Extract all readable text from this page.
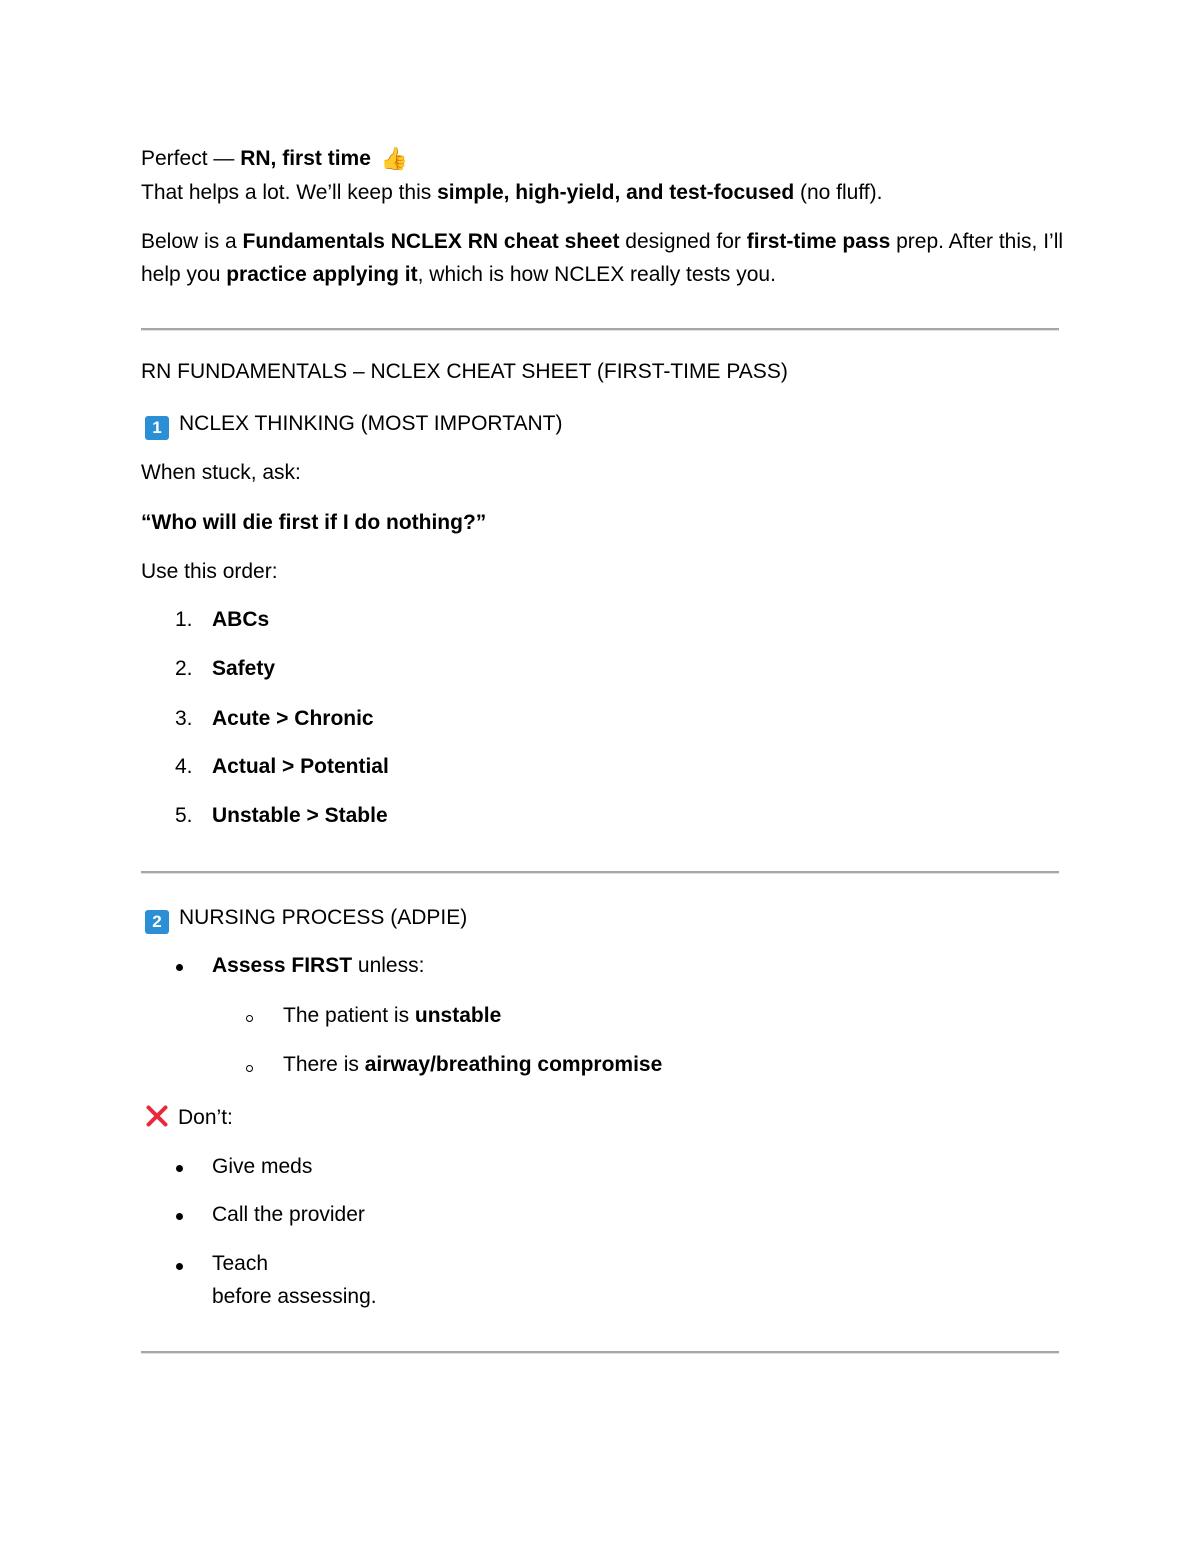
Perfect — RN, first time 👍
That helps a lot. We’ll keep this simple, high-yield, and test-focused (no fluff).
Below is a Fundamentals NCLEX RN cheat sheet designed for first-time pass prep. After this, I’ll
help you practice applying it, which is how NCLEX really tests you.
RN FUNDAMENTALS – NCLEX CHEAT SHEET (FIRST-TIME PASS)
1 NCLEX THINKING (MOST IMPORTANT)
When stuck, ask:
“Who will die first if I do nothing?”
Use this order:
1. ABCs
2. Safety
3. Acute > Chronic
4. Actual > Potential
5. Unstable > Stable
2 NURSING PROCESS (ADPIE)
Assess FIRST unless:
The patient is unstable
There is airway/breathing compromise
Don’t:
Give meds
Call the provider
Teach
before assessing.
